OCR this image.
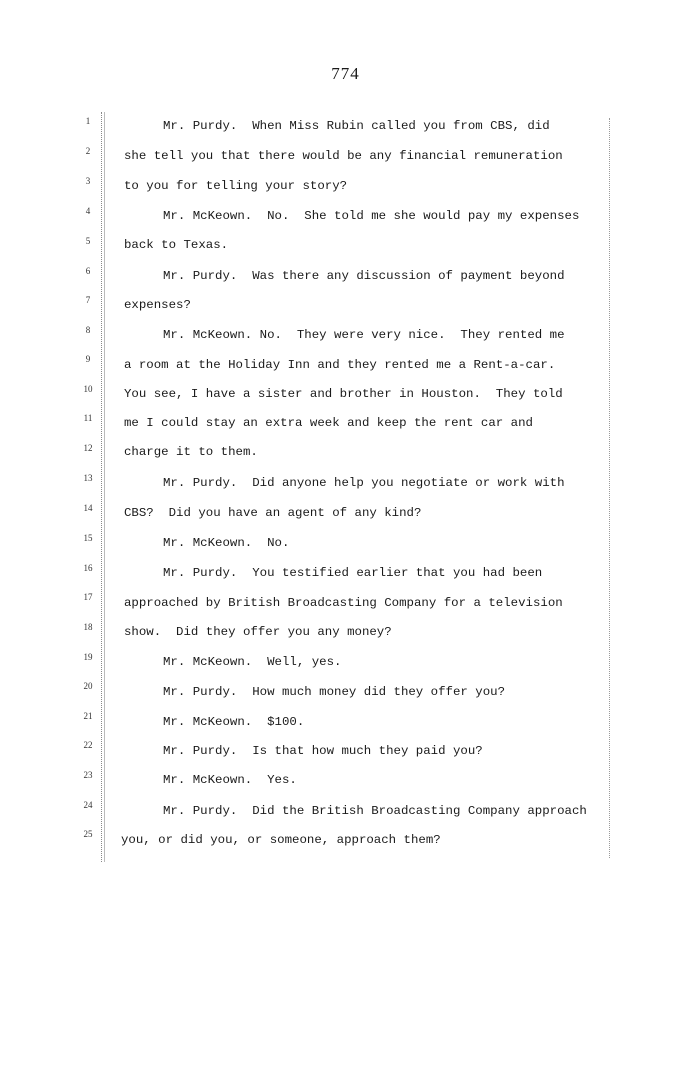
774
1
2
3
4
5
6
7
8
9
10
11
12
13
14
15
16
17
18
19
20
21
22
23
24
25
Mr. Purdy.  When Miss Rubin called you from CBS, did
she tell you that there would be any financial remuneration
to you for telling your story?
Mr. McKeown.  No.  She told me she would pay my expenses
back to Texas.
Mr. Purdy.  Was there any discussion of payment beyond
expenses?
Mr. McKeown. No.  They were very nice.  They rented me
a room at the Holiday Inn and they rented me a Rent-a-car.
You see, I have a sister and brother in Houston.  They told
me I could stay an extra week and keep the rent car and
charge it to them.
Mr. Purdy.  Did anyone help you negotiate or work with
CBS?  Did you have an agent of any kind?
Mr. McKeown.  No.
Mr. Purdy.  You testified earlier that you had been
approached by British Broadcasting Company for a television
show.  Did they offer you any money?
Mr. McKeown.  Well, yes.
Mr. Purdy.  How much money did they offer you?
Mr. McKeown.  $100.
Mr. Purdy.  Is that how much they paid you?
Mr. McKeown.  Yes.
Mr. Purdy.  Did the British Broadcasting Company approach
you, or did you, or someone, approach them?
